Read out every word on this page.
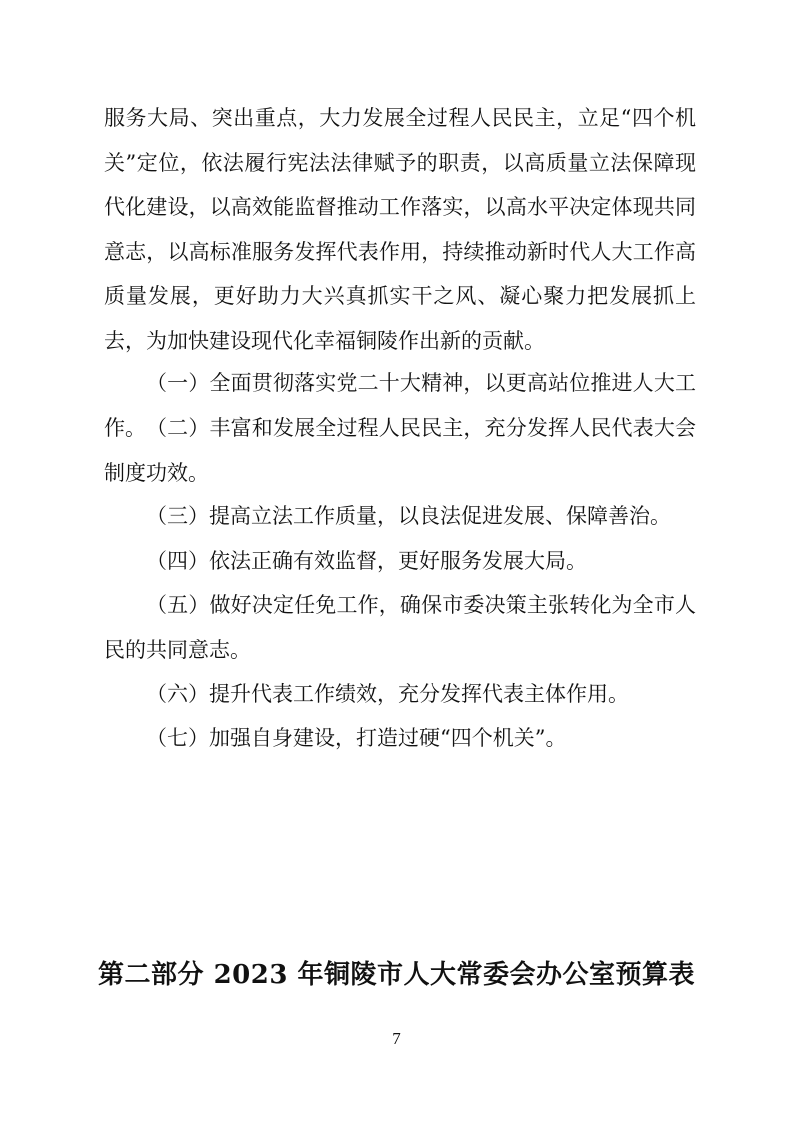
服务大局、突出重点，大力发展全过程人民民主，立足“四个机关”定位，依法履行宪法法律赋予的职责，以高质量立法保障现代化建设，以高效能监督推动工作落实，以高水平决定体现共同意志，以高标准服务发挥代表作用，持续推动新时代人大工作高质量发展，更好助力大兴真抓实干之风、凝心聚力把发展抓上去，为加快建设现代化幸福铜陵作出新的贡献。

（一）全面贯彻落实党二十大精神，以更高站位推进人大工作。 （二）丰富和发展全过程人民民主，充分发挥人民代表大会制度功效。

（三）提高立法工作质量，以良法促进发展、保障善治。

（四）依法正确有效监督，更好服务发展大局。

（五）做好决定任免工作，确保市委决策主张转化为全市人民的共同意志。

（六）提升代表工作绩效，充分发挥代表主体作用。

（七）加强自身建设，打造过硬“四个机关”。

第二部分 2023 年铜陵市人大常委会办公室预算表
7
